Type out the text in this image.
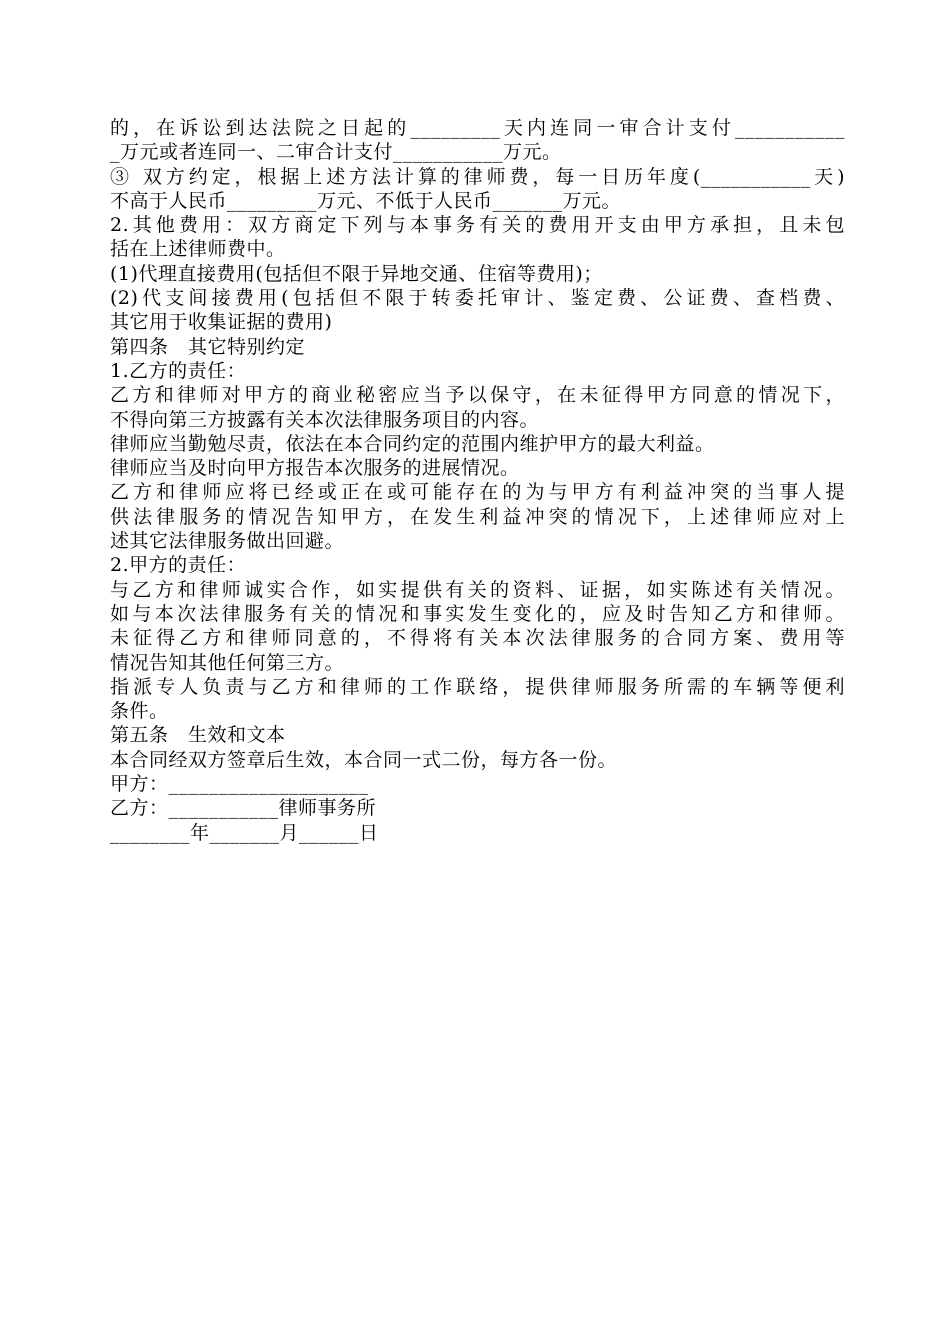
的，在诉讼到达法院之日起的_________天内连同一审合计支付___________

_万元或者连同一、二审合计支付___________万元。

③ 双方约定，根据上述方法计算的律师费，每一日历年度(___________天)

不高于人民币_________万元、不低于人民币_______万元。

2.其他费用：双方商定下列与本事务有关的费用开支由甲方承担，且未包

括在上述律师费中。

(1)代理直接费用(包括但不限于异地交通、住宿等费用)；

(2)代支间接费用(包括但不限于转委托审计、鉴定费、公证费、查档费、

其它用于收集证据的费用)

第四条　其它特别约定

1.乙方的责任：

乙方和律师对甲方的商业秘密应当予以保守，在未征得甲方同意的情况下，

不得向第三方披露有关本次法律服务项目的内容。

律师应当勤勉尽责，依法在本合同约定的范围内维护甲方的最大利益。

律师应当及时向甲方报告本次服务的进展情况。

乙方和律师应将已经或正在或可能存在的为与甲方有利益冲突的当事人提

供法律服务的情况告知甲方，在发生利益冲突的情况下，上述律师应对上

述其它法律服务做出回避。

2.甲方的责任：

与乙方和律师诚实合作，如实提供有关的资料、证据，如实陈述有关情况。

如与本次法律服务有关的情况和事实发生变化的，应及时告知乙方和律师。

未征得乙方和律师同意的，不得将有关本次法律服务的合同方案、费用等

情况告知其他任何第三方。

指派专人负责与乙方和律师的工作联络，提供律师服务所需的车辆等便利

条件。

第五条　生效和文本

本合同经双方签章后生效，本合同一式二份，每方各一份。

甲方：____________________

乙方：___________律师事务所

________年_______月______日
